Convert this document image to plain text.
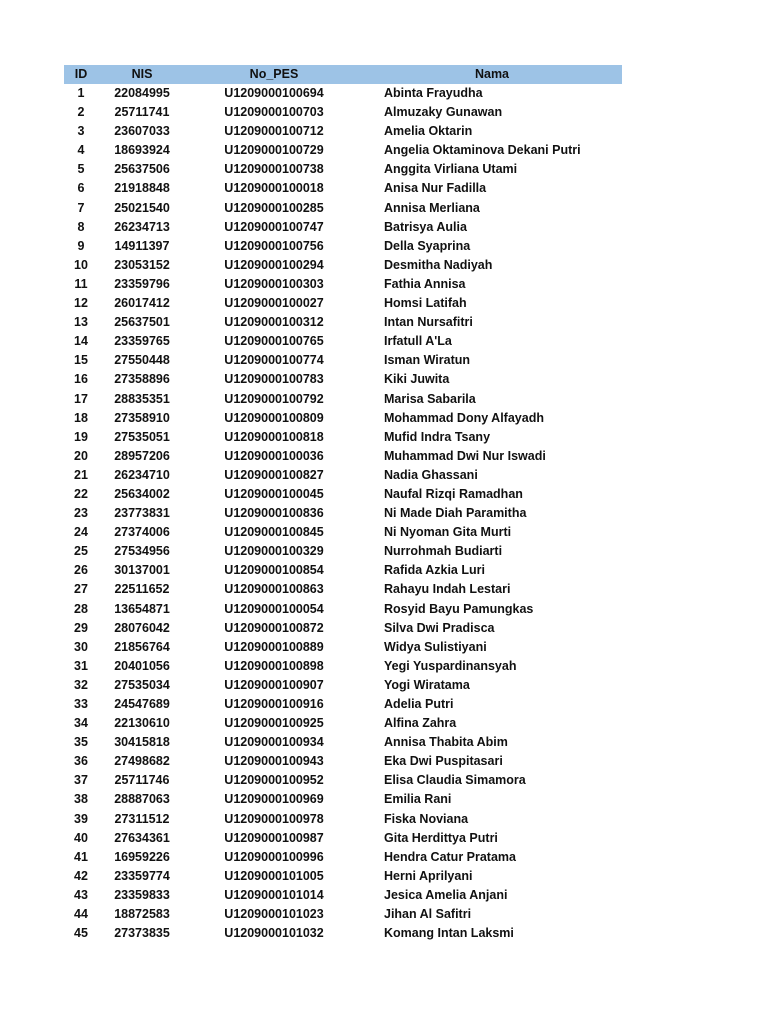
ID	NIS	No_PES	Nama
1	22084995	U1209000100694	Abinta Frayudha
2	25711741	U1209000100703	Almuzaky Gunawan
3	23607033	U1209000100712	Amelia Oktarin
4	18693924	U1209000100729	Angelia Oktaminova Dekani Putri
5	25637506	U1209000100738	Anggita Virliana Utami
6	21918848	U1209000100018	Anisa Nur Fadilla
7	25021540	U1209000100285	Annisa Merliana
8	26234713	U1209000100747	Batrisya Aulia
9	14911397	U1209000100756	Della Syaprina
10	23053152	U1209000100294	Desmitha Nadiyah
11	23359796	U1209000100303	Fathia Annisa
12	26017412	U1209000100027	Homsi Latifah
13	25637501	U1209000100312	Intan Nursafitri
14	23359765	U1209000100765	Irfatull A'La
15	27550448	U1209000100774	Isman Wiratun
16	27358896	U1209000100783	Kiki Juwita
17	28835351	U1209000100792	Marisa Sabarila
18	27358910	U1209000100809	Mohammad Dony Alfayadh
19	27535051	U1209000100818	Mufid Indra Tsany
20	28957206	U1209000100036	Muhammad Dwi Nur Iswadi
21	26234710	U1209000100827	Nadia Ghassani
22	25634002	U1209000100045	Naufal Rizqi Ramadhan
23	23773831	U1209000100836	Ni Made Diah Paramitha
24	27374006	U1209000100845	Ni Nyoman Gita Murti
25	27534956	U1209000100329	Nurrohmah Budiarti
26	30137001	U1209000100854	Rafida Azkia Luri
27	22511652	U1209000100863	Rahayu Indah Lestari
28	13654871	U1209000100054	Rosyid Bayu Pamungkas
29	28076042	U1209000100872	Silva Dwi Pradisca
30	21856764	U1209000100889	Widya Sulistiyani
31	20401056	U1209000100898	Yegi Yuspardinansyah
32	27535034	U1209000100907	Yogi Wiratama
33	24547689	U1209000100916	Adelia Putri
34	22130610	U1209000100925	Alfina Zahra
35	30415818	U1209000100934	Annisa Thabita Abim
36	27498682	U1209000100943	Eka Dwi Puspitasari
37	25711746	U1209000100952	Elisa Claudia Simamora
38	28887063	U1209000100969	Emilia Rani
39	27311512	U1209000100978	Fiska Noviana
40	27634361	U1209000100987	Gita Herdittya Putri
41	16959226	U1209000100996	Hendra Catur Pratama
42	23359774	U1209000101005	Herni Aprilyani
43	23359833	U1209000101014	Jesica Amelia Anjani
44	18872583	U1209000101023	Jihan Al Safitri
45	27373835	U1209000101032	Komang Intan Laksmi
